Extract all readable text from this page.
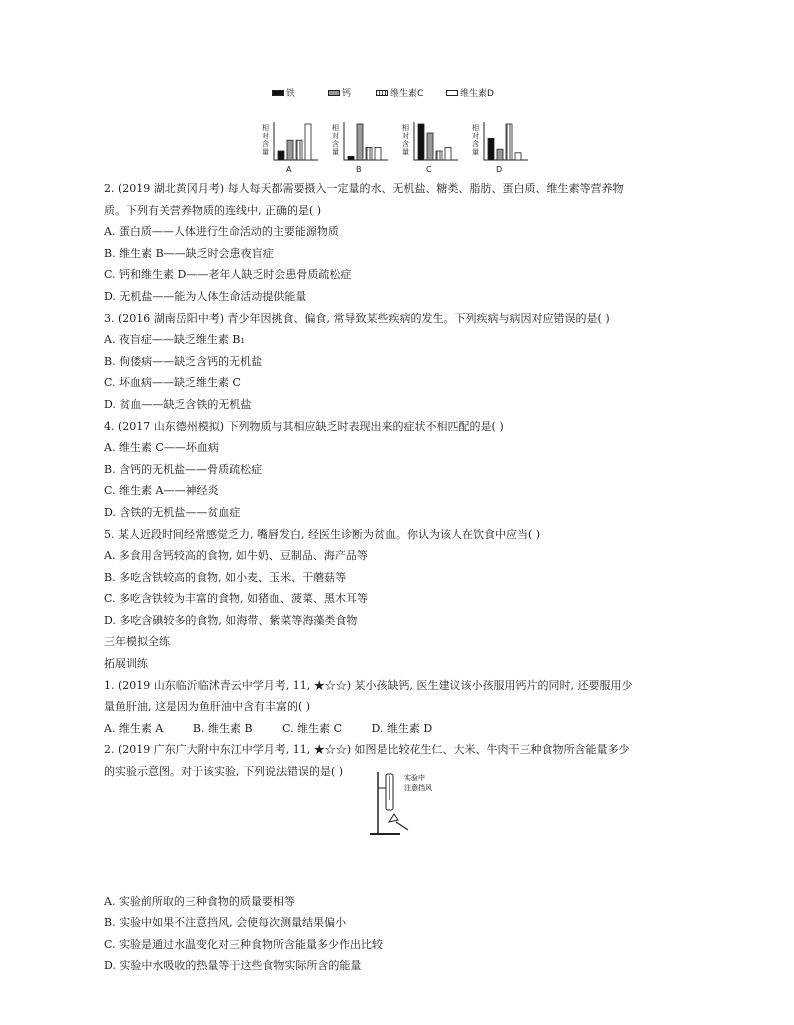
铁	钙	维生素C	维生素D
相对含量
A
相对含量
B
相对含量
C
相对含量
D
2. (2019 湖北黄冈月考) 每人每天都需要摄入一定量的水、无机盐、糖类、脂肪、蛋白质、维生素等营养物
质。下列有关营养物质的连线中, 正确的是( )
A. 蛋白质——人体进行生命活动的主要能源物质
B. 维生素 B——缺乏时会患夜盲症
C. 钙和维生素 D——老年人缺乏时会患骨质疏松症
D. 无机盐——能为人体生命活动提供能量
3. (2016 湖南岳阳中考) 青少年因挑食、偏食, 常导致某些疾病的发生。下列疾病与病因对应错误的是( )
A. 夜盲症——缺乏维生素 B₁
B. 佝偻病——缺乏含钙的无机盐
C. 坏血病——缺乏维生素 C
D. 贫血——缺乏含铁的无机盐
4. (2017 山东德州模拟) 下列物质与其相应缺乏时表现出来的症状不相匹配的是( )
A. 维生素 C——坏血病
B. 含钙的无机盐——骨质疏松症
C. 维生素 A——神经炎
D. 含铁的无机盐——贫血症
5. 某人近段时间经常感觉乏力, 嘴唇发白, 经医生诊断为贫血。你认为该人在饮食中应当( )
A. 多食用含钙较高的食物, 如牛奶、豆制品、海产品等
B. 多吃含铁较高的食物, 如小麦、玉米、干蘑菇等
C. 多吃含铁较为丰富的食物, 如猪血、菠菜、黑木耳等
D. 多吃含碘较多的食物, 如海带、紫菜等海藻类食物
三年模拟全练
拓展训练
1. (2019 山东临沂临沭青云中学月考, 11, ★☆☆) 某小孩缺钙, 医生建议该小孩服用钙片的同时, 还要服用少
量鱼肝油, 这是因为鱼肝油中含有丰富的( )
A. 维生素 A	B. 维生素 B	C. 维生素 C	D. 维生素 D
2. (2019 广东广大附中东江中学月考, 11, ★☆☆) 如图是比较花生仁、大米、牛肉干三种食物所含能量多少
的实验示意图。对于该实验, 下列说法错误的是( )
A. 实验前所取的三种食物的质量要相等
B. 实验中如果不注意挡风, 会使每次测量结果偏小
C. 实验是通过水温变化对三种食物所含能量多少作出比较
D. 实验中水吸收的热量等于这些食物实际所含的能量
实验中
注意挡风
